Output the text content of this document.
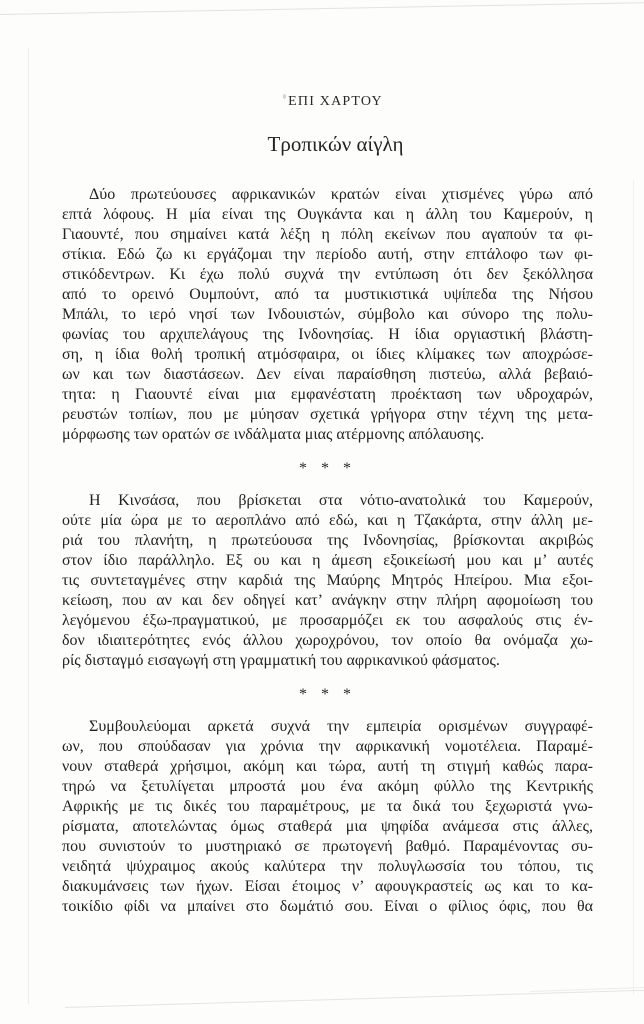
ΕΠΙ ΧΑΡΤΟΥ
Τροπικών αίγλη
Δύο πρωτεύουσες αφρικανικών κρατών είναι χτισμένες γύρω από
επτά λόφους. Η μία είναι της Ουγκάντα και η άλλη του Καμερούν, η
Γιαουντέ, που σημαίνει κατά λέξη η πόλη εκείνων που αγαπούν τα φι-
στίκια. Εδώ ζω κι εργάζομαι την περίοδο αυτή, στην επτάλοφο των φι-
στικόδεντρων. Κι έχω πολύ συχνά την εντύπωση ότι δεν ξεκόλλησα
από το ορεινό Ουμπούντ, από τα μυστικιστικά υψίπεδα της Νήσου
Μπάλι, το ιερό νησί των Ινδουιστών, σύμβολο και σύνορο της πολυ-
φωνίας του αρχιπελάγους της Ινδονησίας. Η ίδια οργιαστική βλάστη-
ση, η ίδια θολή τροπική ατμόσφαιρα, οι ίδιες κλίμακες των αποχρώσε-
ων και των διαστάσεων. Δεν είναι παραίσθηση πιστεύω, αλλά βεβαιό-
τητα: η Γιαουντέ είναι μια εμφανέστατη προέκταση των υδροχαρών,
ρευστών τοπίων, που με μύησαν σχετικά γρήγορα στην τέχνη της μετα-
μόρφωσης των ορατών σε ινδάλματα μιας ατέρμονης απόλαυσης.
* * *
Η Κινσάσα, που βρίσκεται στα νότιο-ανατολικά του Καμερούν,
ούτε μία ώρα με το αεροπλάνο από εδώ, και η Τζακάρτα, στην άλλη με-
ριά του πλανήτη, η πρωτεύουσα της Ινδονησίας, βρίσκονται ακριβώς
στον ίδιο παράλληλο. Εξ ου και η άμεση εξοικείωσή μου και μ’ αυτές
τις συντεταγμένες στην καρδιά της Μαύρης Μητρός Ηπείρου. Μια εξοι-
κείωση, που αν και δεν οδηγεί κατ’ ανάγκην στην πλήρη αφομοίωση του
λεγόμενου έξω-πραγματικού, με προσαρμόζει εκ του ασφαλούς στις έν-
δον ιδιαιτερότητες ενός άλλου χωροχρόνου, τον οποίο θα ονόμαζα χω-
ρίς δισταγμό εισαγωγή στη γραμματική του αφρικανικού φάσματος.
* * *
Συμβουλεύομαι αρκετά συχνά την εμπειρία ορισμένων συγγραφέ-
ων, που σπούδασαν για χρόνια την αφρικανική νομοτέλεια. Παραμέ-
νουν σταθερά χρήσιμοι, ακόμη και τώρα, αυτή τη στιγμή καθώς παρα-
τηρώ να ξετυλίγεται μπροστά μου ένα ακόμη φύλλο της Κεντρικής
Αφρικής με τις δικές του παραμέτρους, με τα δικά του ξεχωριστά γνω-
ρίσματα, αποτελώντας όμως σταθερά μια ψηφίδα ανάμεσα στις άλλες,
που συνιστούν το μυστηριακό σε πρωτογενή βαθμό. Παραμένοντας συ-
νειδητά ψύχραιμος ακούς καλύτερα την πολυγλωσσία του τόπου, τις
διακυμάνσεις των ήχων. Είσαι έτοιμος ν’ αφουγκραστείς ως και το κα-
τοικίδιο φίδι να μπαίνει στο δωμάτιό σου. Είναι ο φίλιος όφις, που θα
